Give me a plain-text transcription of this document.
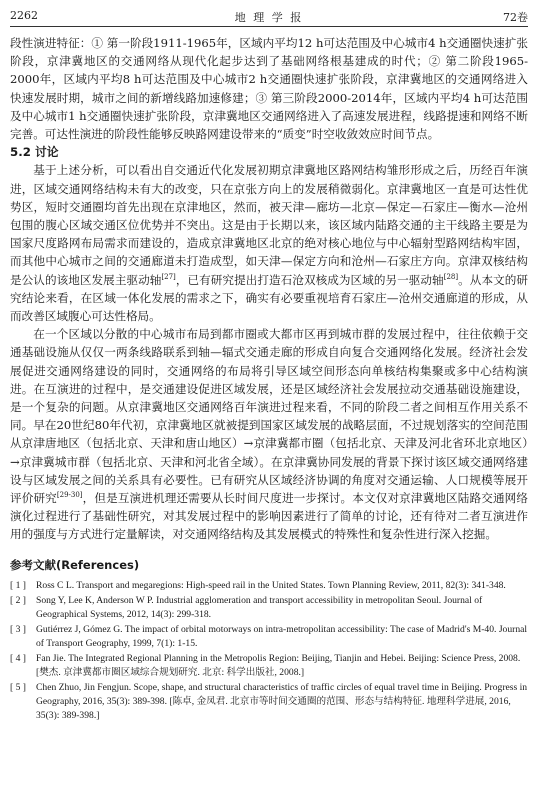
2262	地 理 学 报	72卷

段性演进特征：① 第一阶段1911-1965年，区域内平均12 h可达范围及中心城市4 h交通圈快速扩张阶段，京津冀地区的交通网络从现代化起步达到了基础网络根基建成的时代；② 第二阶段1965-2000年，区域内平均8 h可达范围及中心城市2 h交通圈快速扩张阶段，京津冀地区的交通网络进入快速发展时期，城市之间的新增线路加速修建；③ 第三阶段2000-2014年，区域内平均4 h可达范围及中心城市1 h交通圈快速扩张阶段，京津冀地区交通网络进入了高速发展进程，线路提速和网络不断完善。可达性演进的阶段性能够反映路网建设带来的“质变”时空收敛效应时间节点。

5.2 讨论

基于上述分析，可以看出自交通近代化发展初期京津冀地区路网结构雏形形成之后，历经百年演进，区域交通网络结构未有大的改变，只在京张方向上的发展稍微弱化。京津冀地区一直是可达性优势区，短时交通圈均首先出现在京津地区，然而，被天津—廊坊—北京—保定—石家庄—衡水—沧州包围的腹心区域交通区位优势并不突出。这是由于长期以来，该区域内陆路交通的主干线路主要是为国家尺度路网布局需求而建设的，造成京津冀地区北京的绝对核心地位与中心辐射型路网结构牢固，而其他中心城市之间的交通廊道未打造成型，如天津—保定方向和沧州—石家庄方向。京津双核结构是公认的该地区发展主驱动轴[27]，已有研究提出打造石沧双核成为区域的另一驱动轴[28]。从本文的研究结论来看，在区域一体化发展的需求之下，确实有必要重视培育石家庄—沧州交通廊道的形成，从而改善区域腹心可达性格局。

在一个区域以分散的中心城市布局到都市圈或大都市区再到城市群的发展过程中，往往依赖于交通基础设施从仅仅一两条线路联系到轴—辐式交通走廊的形成自向复合交通网络化发展。经济社会发展促进交通网络建设的同时，交通网络的布局将引导区域空间形态向单核结构集聚或多中心结构演进。在互演进的过程中，是交通建设促进区域发展，还是区域经济社会发展拉动交通基础设施建设，是一个复杂的问题。从京津冀地区交通网络百年演进过程来看，不同的阶段二者之间相互作用关系不同。早在20世纪80年代初，京津冀地区就被提到国家区域发展的战略层面，不过规划落实的空间范围从京津唐地区（包括北京、天津和唐山地区）→京津冀都市圈（包括北京、天津及河北省环北京地区）→京津冀城市群（包括北京、天津和河北省全域）。在京津冀协同发展的背景下探讨该区域交通网络建设与区域发展之间的关系具有必要性。已有研究从区域经济协调的角度对交通运输、人口规模等展开评价研究[29-30]，但是互演进机理还需要从长时间尺度进一步探讨。本文仅对京津冀地区陆路交通网络演化过程进行了基础性研究，对其发展过程中的影响因素进行了简单的讨论，还有待对二者互演进作用的强度与方式进行定量解读，对交通网络结构及其发展模式的特殊性和复杂性进行深入挖掘。

参考文献(References)
[ 1 ]	Ross C L. Transport and megaregions: High-speed rail in the United States. Town Planning Review, 2011, 82(3): 341-348.
[ 2 ]	Song Y, Lee K, Anderson W P. Industrial agglomeration and transport accessibility in metropolitan Seoul. Journal of Geographical Systems, 2012, 14(3): 299-318.
[ 3 ]	Gutiérrez J, Gómez G. The impact of orbital motorways on intra-metropolitan accessibility: The case of Madrid's M-40. Journal of Transport Geography, 1999, 7(1): 1-15.
[ 4 ]	Fan Jie. The Integrated Regional Planning in the Metropolis Region: Beijing, Tianjin and Hebei. Beijing: Science Press, 2008. [樊杰. 京津冀都市圈区域综合规划研究. 北京: 科学出版社, 2008.]
[ 5 ]	Chen Zhuo, Jin Fengjun. Scope, shape, and structural characteristics of traffic circles of equal travel time in Beijing. Progress in Geography, 2016, 35(3): 389-398. [陈卓, 金凤君. 北京市等时间交通圈的范围、形态与结构特征. 地理科学进展, 2016, 35(3): 389-398.]
